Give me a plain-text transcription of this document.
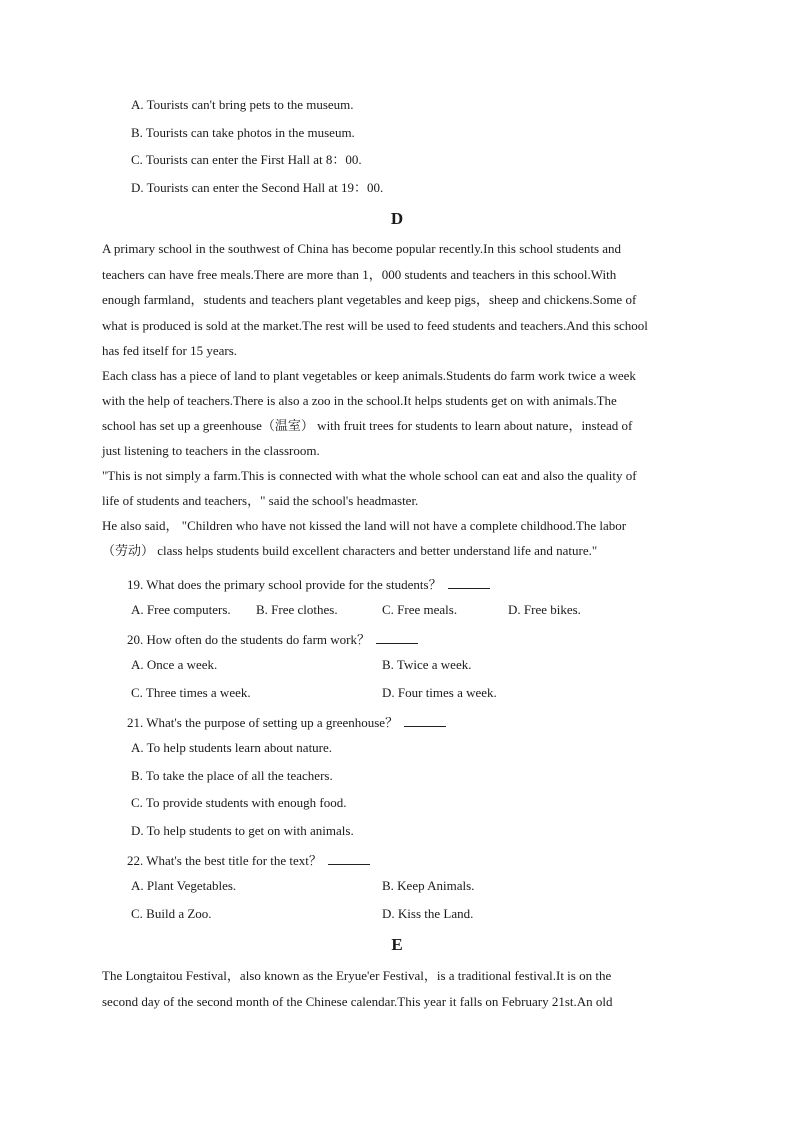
A. Tourists can't bring pets to the museum.
B. Tourists can take photos in the museum.
C. Tourists can enter the First Hall at 8：00.
D. Tourists can enter the Second Hall at 19：00.
D
A primary school in the southwest of China has become popular recently.In this school students and
teachers can have free meals.There are more than 1，000 students and teachers in this school.With
enough farmland，students and teachers plant vegetables and keep pigs，sheep and chickens.Some of
what is produced is sold at the market.The rest will be used to feed students and teachers.And this school
has fed itself for 15 years.
Each class has a piece of land to plant vegetables or keep animals.Students do farm work twice a week
with the help of teachers.There is also a zoo in the school.It helps students get on with animals.The
school has set up a greenhouse（温室） with fruit trees for students to learn about nature，instead of
just listening to teachers in the classroom.
"This is not simply a farm.This is connected with what the whole school can eat and also the quality of
life of students and teachers，" said the school's headmaster.
He also said， "Children who have not kissed the land will not have a complete childhood.The labor
（劳动） class helps students build excellent characters and better understand life and nature."
19. What does the primary school provide for the students？
A. Free computers. B. Free clothes.	C. Free meals.	D. Free bikes.
20. How often do the students do farm work？
A. Once a week.	B. Twice a week.
C. Three times a week.	D. Four times a week.
21. What's the purpose of setting up a greenhouse？
A. To help students learn about nature.
B. To take the place of all the teachers.
C. To provide students with enough food.
D. To help students to get on with animals.
22. What's the best title for the text？
A. Plant Vegetables.	B. Keep Animals.
C. Build a Zoo.	D. Kiss the Land.
E
The Longtaitou Festival，also known as the Eryue'er Festival，is a traditional festival.It is on the
second day of the second month of the Chinese calendar.This year it falls on February 21st.An old
